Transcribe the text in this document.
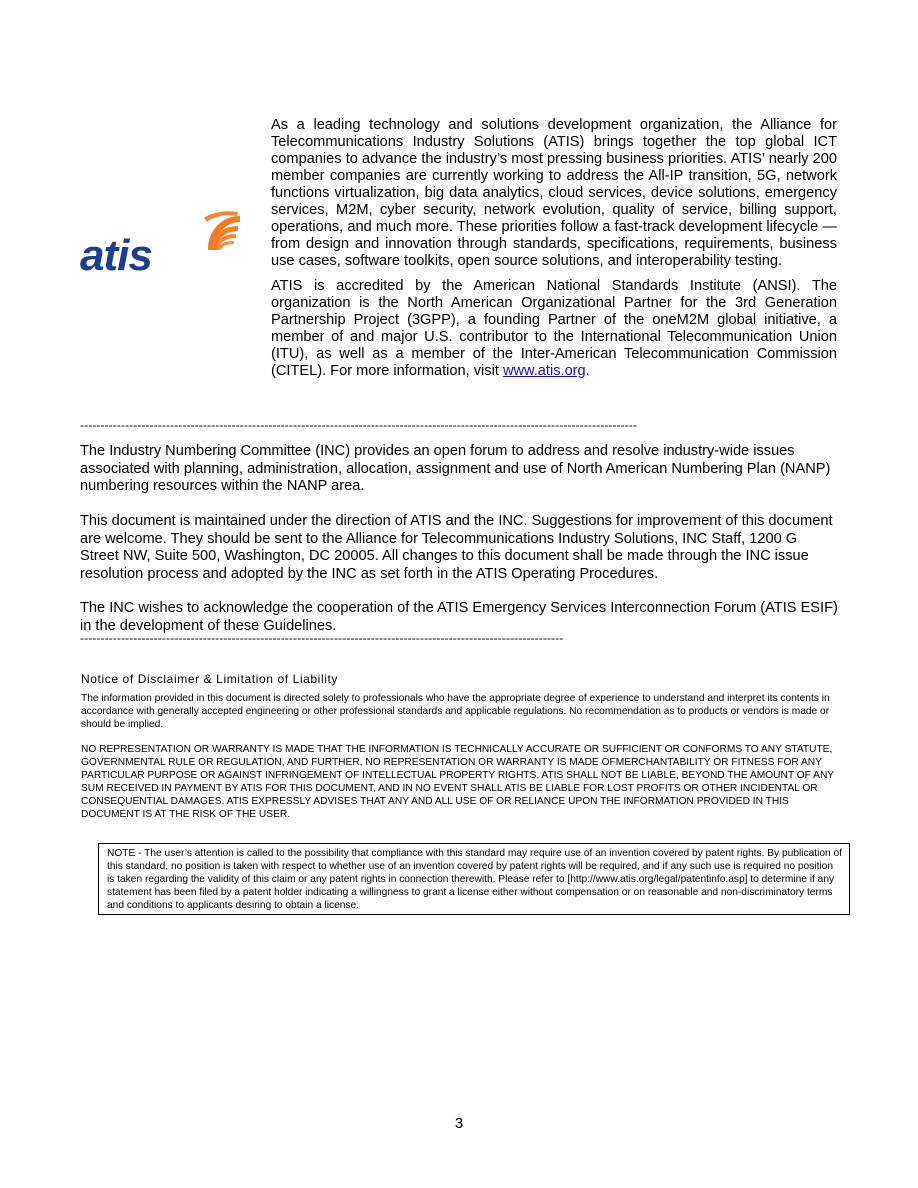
atis

As a leading technology and solutions development organization, the Alliance for Telecommunications Industry Solutions (ATIS) brings together the top global ICT companies to advance the industry’s most pressing business priorities. ATIS’ nearly 200 member companies are currently working to address the All-IP transition, 5G, network functions virtualization, big data analytics, cloud services, device solutions, emergency services, M2M, cyber security, network evolution, quality of service, billing support, operations, and much more. These priorities follow a fast-track development lifecycle — from design and innovation through standards, specifications, requirements, business use cases, software toolkits, open source solutions, and interoperability testing.

ATIS is accredited by the American National Standards Institute (ANSI). The organization is the North American Organizational Partner for the 3rd Generation Partnership Project (3GPP), a founding Partner of the oneM2M global initiative, a member of and major U.S. contributor to the International Telecommunication Union (ITU), as well as a member of the Inter-American Telecommunication Commission (CITEL). For more information, visit www.atis.org.

----------------------------------------------------------------------------------------------------------------------------------------

The Industry Numbering Committee (INC) provides an open forum to address and resolve industry-wide issues associated with planning, administration, allocation, assignment and use of North American Numbering Plan (NANP) numbering resources within the NANP area.

This document is maintained under the direction of ATIS and the INC. Suggestions for improvement of this document are welcome. They should be sent to the Alliance for Telecommunications Industry Solutions, INC Staff, 1200 G Street NW, Suite 500, Washington, DC 20005. All changes to this document shall be made through the INC issue resolution process and adopted by the INC as set forth in the ATIS Operating Procedures.

The INC wishes to acknowledge the cooperation of the ATIS Emergency Services Interconnection Forum (ATIS ESIF) in the development of these Guidelines.

----------------------------------------------------------------------------------------------------------------------
Notice of Disclaimer & Limitation of Liability
The information provided in this document is directed solely to professionals who have the appropriate degree of experience to understand and interpret its contents in accordance with generally accepted engineering or other professional standards and applicable regulations. No recommendation as to products or vendors is made or should be implied.
NO REPRESENTATION OR WARRANTY IS MADE THAT THE INFORMATION IS TECHNICALLY ACCURATE OR SUFFICIENT OR CONFORMS TO ANY STATUTE, GOVERNMENTAL RULE OR REGULATION, AND FURTHER, NO REPRESENTATION OR WARRANTY IS MADE OFMERCHANTABILITY OR FITNESS FOR ANY PARTICULAR PURPOSE OR AGAINST INFRINGEMENT OF INTELLECTUAL PROPERTY RIGHTS. ATIS SHALL NOT BE LIABLE, BEYOND THE AMOUNT OF ANY SUM RECEIVED IN PAYMENT BY ATIS FOR THIS DOCUMENT, AND IN NO EVENT SHALL ATIS BE LIABLE FOR LOST PROFITS OR OTHER INCIDENTAL OR CONSEQUENTIAL DAMAGES. ATIS EXPRESSLY ADVISES THAT ANY AND ALL USE OF OR RELIANCE UPON THE INFORMATION PROVIDED IN THIS DOCUMENT IS AT THE RISK OF THE USER.
NOTE - The user’s attention is called to the possibility that compliance with this standard may require use of an invention covered by patent rights. By publication of this standard, no position is taken with respect to whether use of an invention covered by patent rights will be required, and if any such use is required no position is taken regarding the validity of this claim or any patent rights in connection therewith. Please refer to [http://www.atis.org/legal/patentinfo.asp] to determine if any statement has been filed by a patent holder indicating a willingness to grant a license either without compensation or on reasonable and non-discriminatory terms and conditions to applicants desiring to obtain a license.
3
